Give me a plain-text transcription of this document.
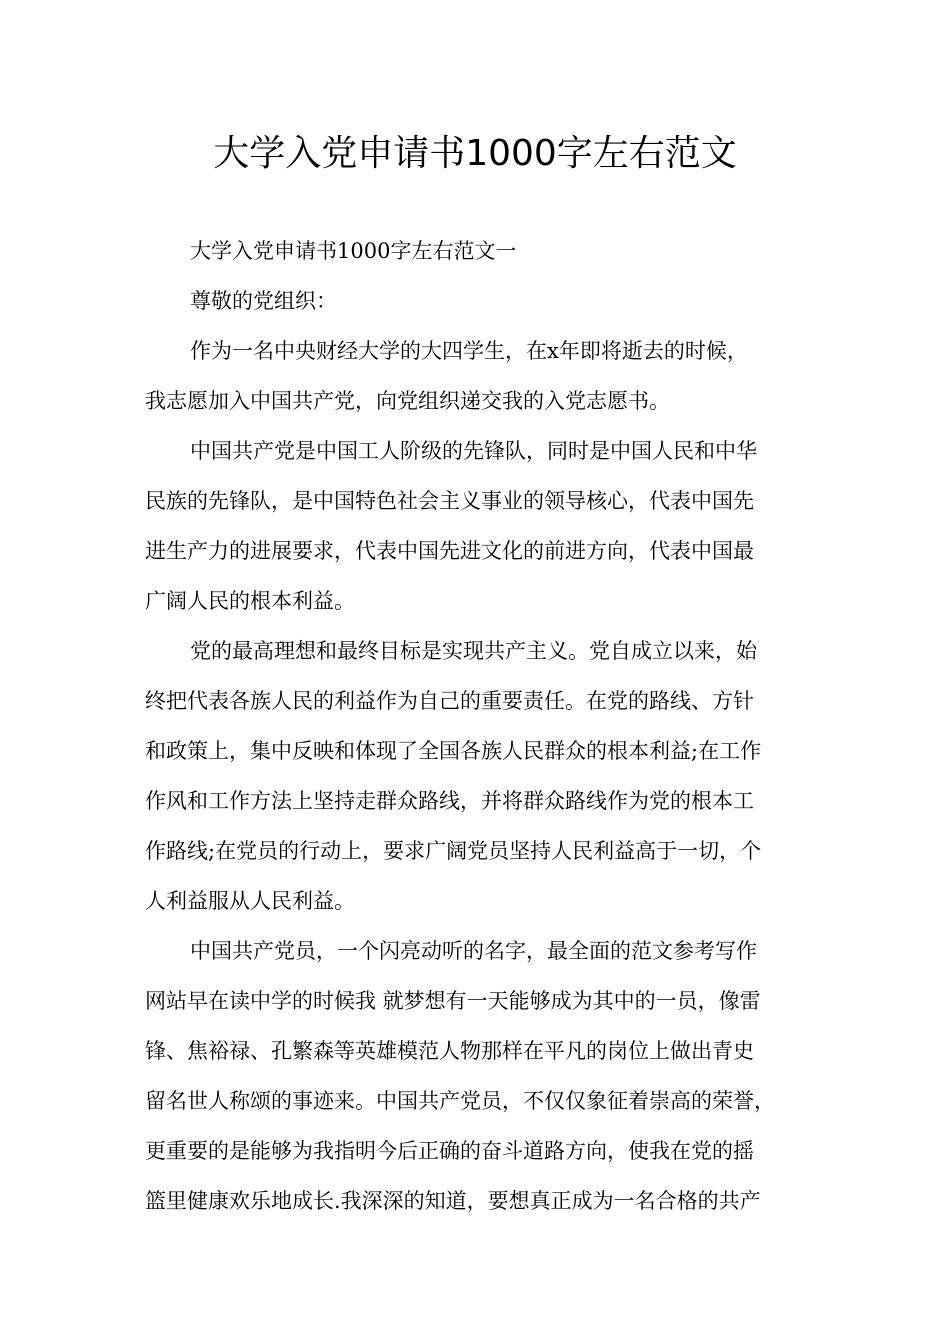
大学入党申请书1000字左右范文
大学入党申请书1000字左右范文一
尊敬的党组织：
作为一名中央财经大学的大四学生，在x年即将逝去的时候，
我志愿加入中国共产党，向党组织递交我的入党志愿书。
中国共产党是中国工人阶级的先锋队，同时是中国人民和中华
民族的先锋队，是中国特色社会主义事业的领导核心，代表中国先
进生产力的进展要求，代表中国先进文化的前进方向，代表中国最
广阔人民的根本利益。
党的最高理想和最终目标是实现共产主义。党自成立以来，始
终把代表各族人民的利益作为自己的重要责任。在党的路线、方针
和政策上，集中反映和体现了全国各族人民群众的根本利益;在工作
作风和工作方法上坚持走群众路线，并将群众路线作为党的根本工
作路线;在党员的行动上，要求广阔党员坚持人民利益高于一切，个
人利益服从人民利益。
中国共产党员，一个闪亮动听的名字，最全面的范文参考写作
网站早在读中学的时候我 就梦想有一天能够成为其中的一员，像雷
锋、焦裕禄、孔繁森等英雄模范人物那样在平凡的岗位上做出青史
留名世人称颂的事迹来。中国共产党员，不仅仅象征着崇高的荣誉，
更重要的是能够为我指明今后正确的奋斗道路方向，使我在党的摇
篮里健康欢乐地成长.我深深的知道，要想真正成为一名合格的共产
